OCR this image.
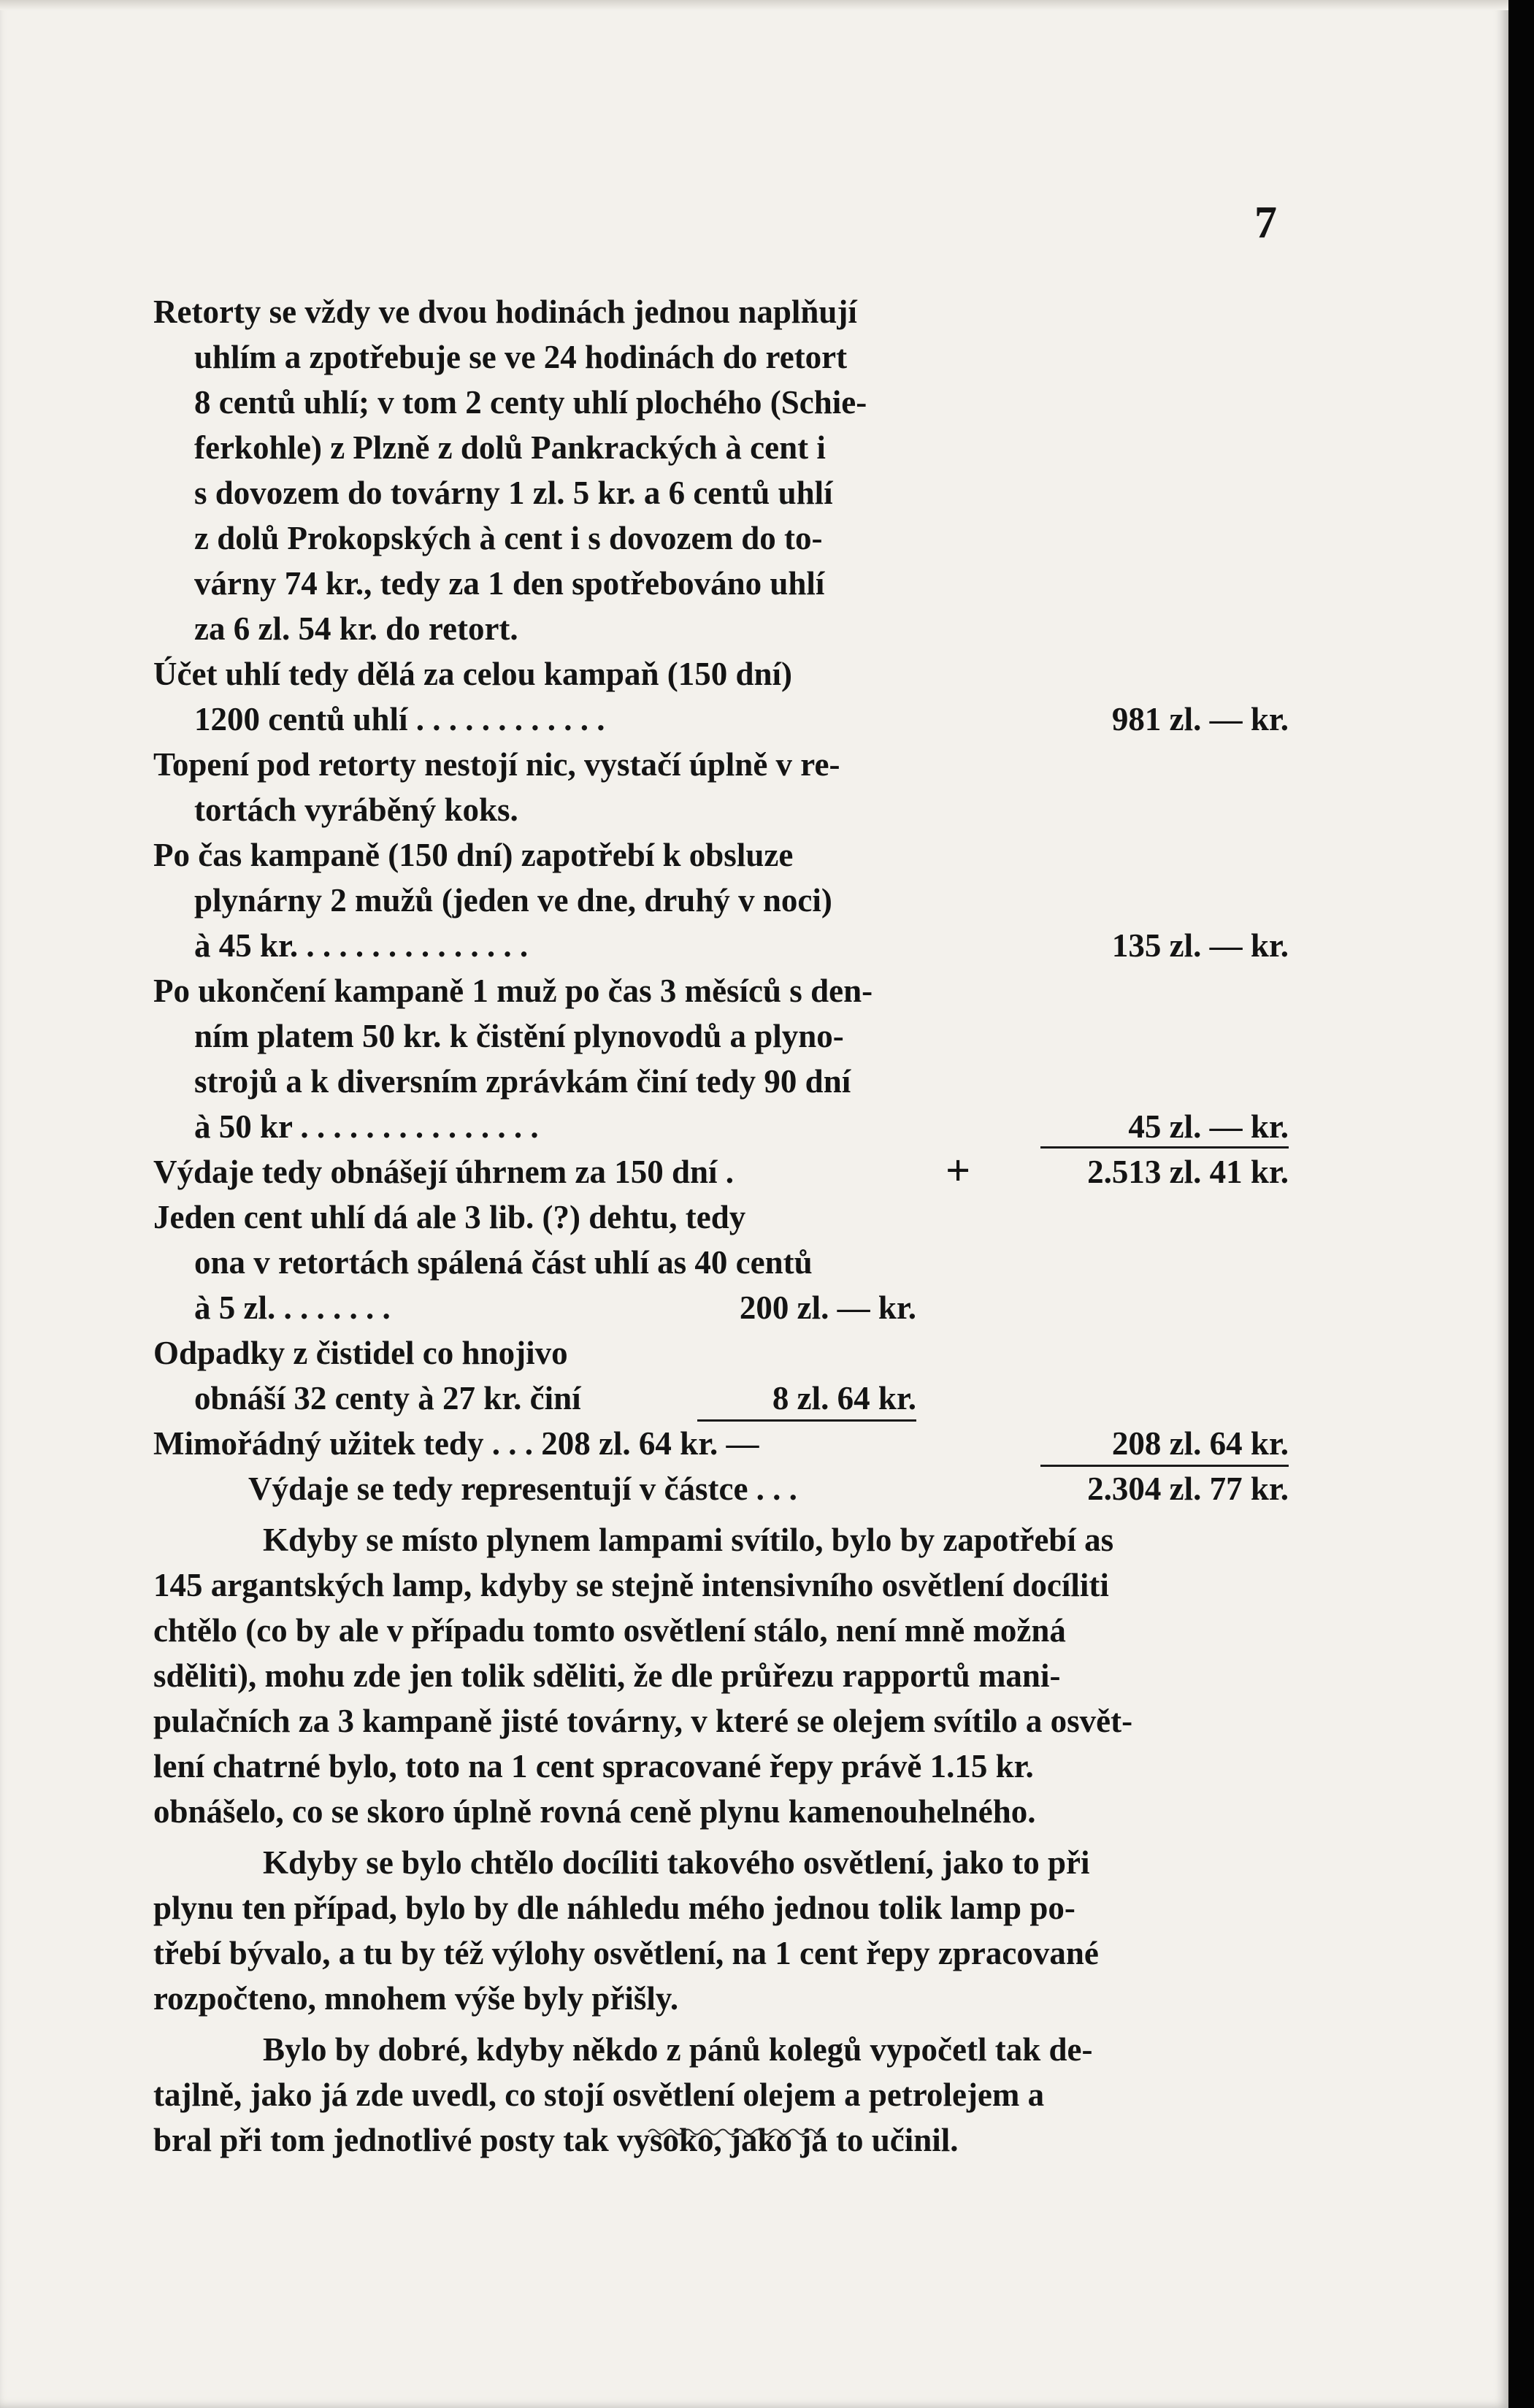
7
Retorty se vždy ve dvou hodinách jednou naplňují
uhlím a zpotřebuje se ve 24 hodinách do retort
8 centů uhlí; v tom 2 centy uhlí plochého (Schie-
ferkohle) z Plzně z dolů Pankrackých à cent i
s dovozem do továrny 1 zl. 5 kr. a 6 centů uhlí
z dolů Prokopských à cent i s dovozem do to-
várny 74 kr., tedy za 1 den spotřebováno uhlí
za 6 zl. 54 kr. do retort.
Účet uhlí tedy dělá za celou kampaň (150 dní)
1200 centů uhlí . . . . . . . . . . . .	981 zl. — kr.
Topení pod retorty nestojí nic, vystačí úplně v re-
tortách vyráběný koks.
Po čas kampaně (150 dní) zapotřebí k obsluze
plynárny 2 mužů (jeden ve dne, druhý v noci)
à 45 kr. . . . . . . . . . . . . . .	135 zl. — kr.
Po ukončení kampaně 1 muž po čas 3 měsíců s den-
ním platem 50 kr. k čistění plynovodů a plyno-
strojů a k diversním zprávkám činí tedy 90 dní
à 50 kr . . . . . . . . . . . . . . .	45 zl. — kr.
Výdaje tedy obnášejí úhrnem za 150 dní .	+	2.513 zl. 41 kr.
Jeden cent uhlí dá ale 3 lib. (?) dehtu, tedy
ona v retortách spálená část uhlí as 40 centů
à 5 zl. . . . . . . .	200 zl. — kr.
Odpadky z čistidel co hnojivo
obnáší 32 centy à 27 kr. činí	8 zl. 64 kr.
Mimořádný užitek tedy . . . 208 zl. 64 kr. —	208 zl. 64 kr.
Výdaje se tedy representují v částce . . .	2.304 zl. 77 kr.
Kdyby se místo plynem lampami svítilo, bylo by zapotřebí as
145 argantských lamp, kdyby se stejně intensivního osvětlení docíliti
chtělo (co by ale v případu tomto osvětlení stálo, není mně možná
sděliti), mohu zde jen tolik sděliti, že dle průřezu rapportů mani-
pulačních za 3 kampaně jisté továrny, v které se olejem svítilo a osvět-
lení chatrné bylo, toto na 1 cent spracované řepy právě 1.15 kr.
obnášelo, co se skoro úplně rovná ceně plynu kamenouhelného.
Kdyby se bylo chtělo docíliti takového osvětlení, jako to při
plynu ten případ, bylo by dle náhledu mého jednou tolik lamp po-
třebí bývalo, a tu by též výlohy osvětlení, na 1 cent řepy zpracované
rozpočteno, mnohem výše byly přišly.
Bylo by dobré, kdyby někdo z pánů kolegů vypočetl tak de-
tajlně, jako já zde uvedl, co stojí osvětlení olejem a petrolejem a
bral při tom jednotlivé posty tak vysoko, jako já to učinil.
